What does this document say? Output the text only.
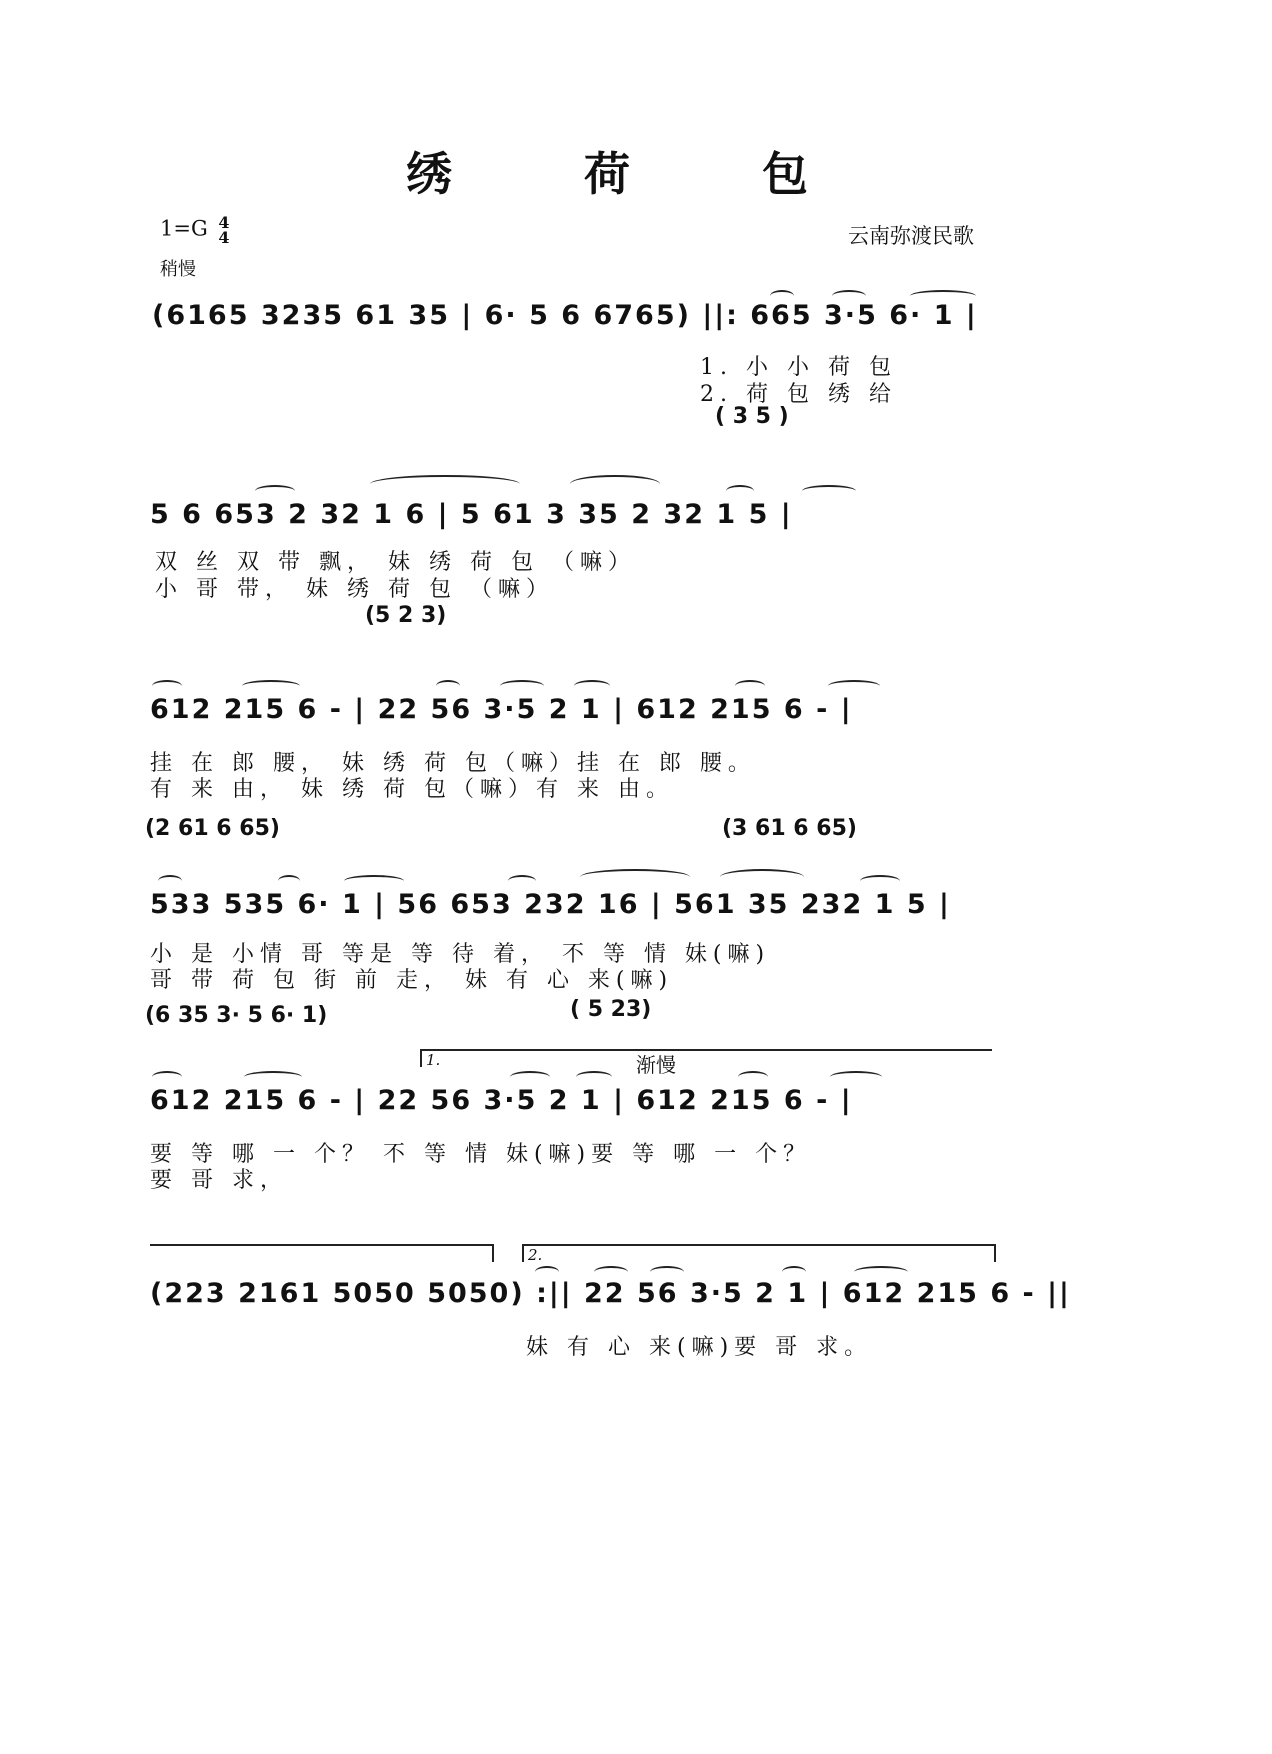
绣 荷 包
1=G 4
4
稍慢
云南弥渡民歌
(6165 3235 61 35 | 6· 5 6 6765) ||: 665 3·5 6· 1 |
1. 小 小 荷 包
2. 荷 包 绣 给
( 3 5 )
5 6 653 2 32 1 6 | 5 61 3 35 2 32 1 5 |
双 丝 双 带 飘， 妹 绣 荷 包 （嘛）
小 哥 带， 妹 绣 荷 包 （嘛）
(5 2 3)
612 215 6 - | 22 56 3·5 2 1 | 612 215 6 - |
挂 在 郎 腰， 妹 绣 荷 包（嘛）挂 在 郎 腰。
有 来 由， 妹 绣 荷 包（嘛）有 来 由。
(2 61 6 65)	(3 61 6 65)
533 535 6· 1 | 56 653 232 16 | 561 35 232 1 5 |
小 是 小情 哥 等是 等 待 着， 不 等 情 妹(嘛)
哥 带 荷 包 街 前 走， 妹 有 心 来(嘛)
(6 35 3· 5 6· 1)	( 5 23)
1.	渐慢
612 215 6 - | 22 56 3·5 2 1 | 612 215 6 - |
要 等 哪 一 个？ 不 等 情 妹(嘛)要 等 哪 一 个？
要 哥 求，
2.
(223 2161 5050 5050) :|| 22 56 3·5 2 1 | 612 215 6 - ||
妹 有 心 来(嘛)要 哥 求。
